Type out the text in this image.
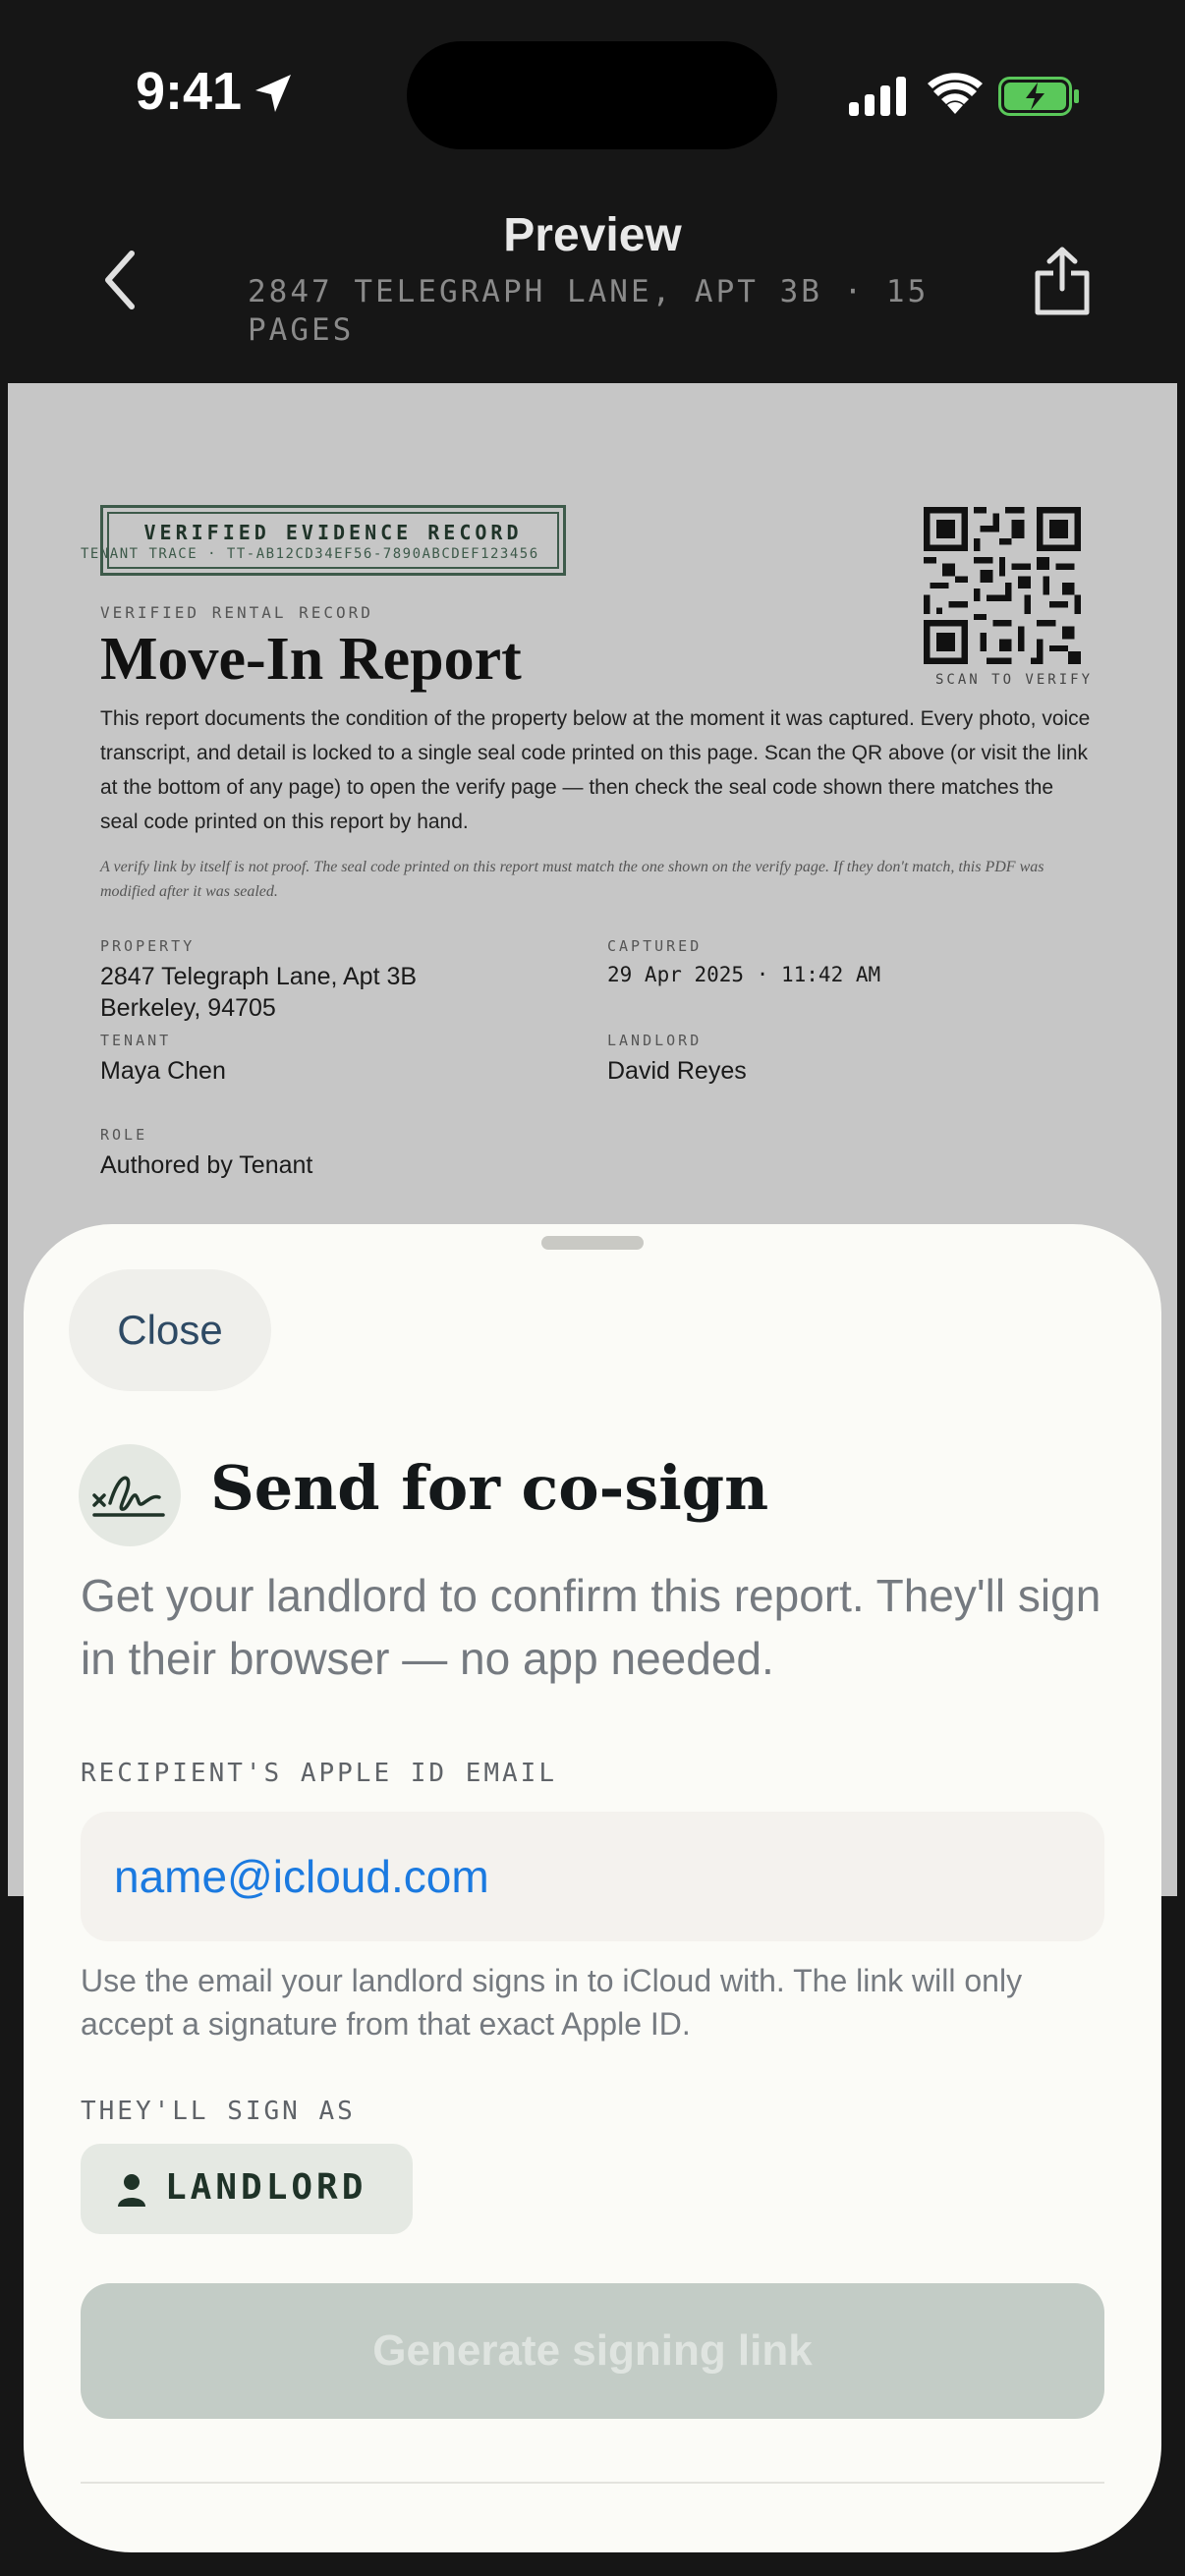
9:41
Preview
2847 TELEGRAPH LANE, APT 3B · 15 PAGES
VERIFIED EVIDENCE RECORD
TENANT TRACE · TT-AB12CD34EF56-7890ABCDEF123456
SCAN TO VERIFY
VERIFIED RENTAL RECORD
Move-In Report
This report documents the condition of the property below at the moment it was captured. Every photo, voice transcript, and detail is locked to a single seal code printed on this page. Scan the QR above (or visit the link at the bottom of any page) to open the verify page — then check the seal code shown there matches the seal code printed on this report by hand.
A verify link by itself is not proof. The seal code printed on this report must match the one shown on the verify page. If they don't match, this PDF was modified after it was sealed.
PROPERTY
2847 Telegraph Lane, Apt 3B
Berkeley, 94705
CAPTURED
29 Apr 2025 · 11:42 AM
TENANT
Maya Chen
LANDLORD
David Reyes
ROLE
Authored by Tenant
Close
Send for co-sign
Get your landlord to confirm this report. They'll sign in their browser — no app needed.
RECIPIENT'S APPLE ID EMAIL
name@icloud.com
Use the email your landlord signs in to iCloud with. The link will only accept a signature from that exact Apple ID.
THEY'LL SIGN AS
LANDLORD
Generate signing link
